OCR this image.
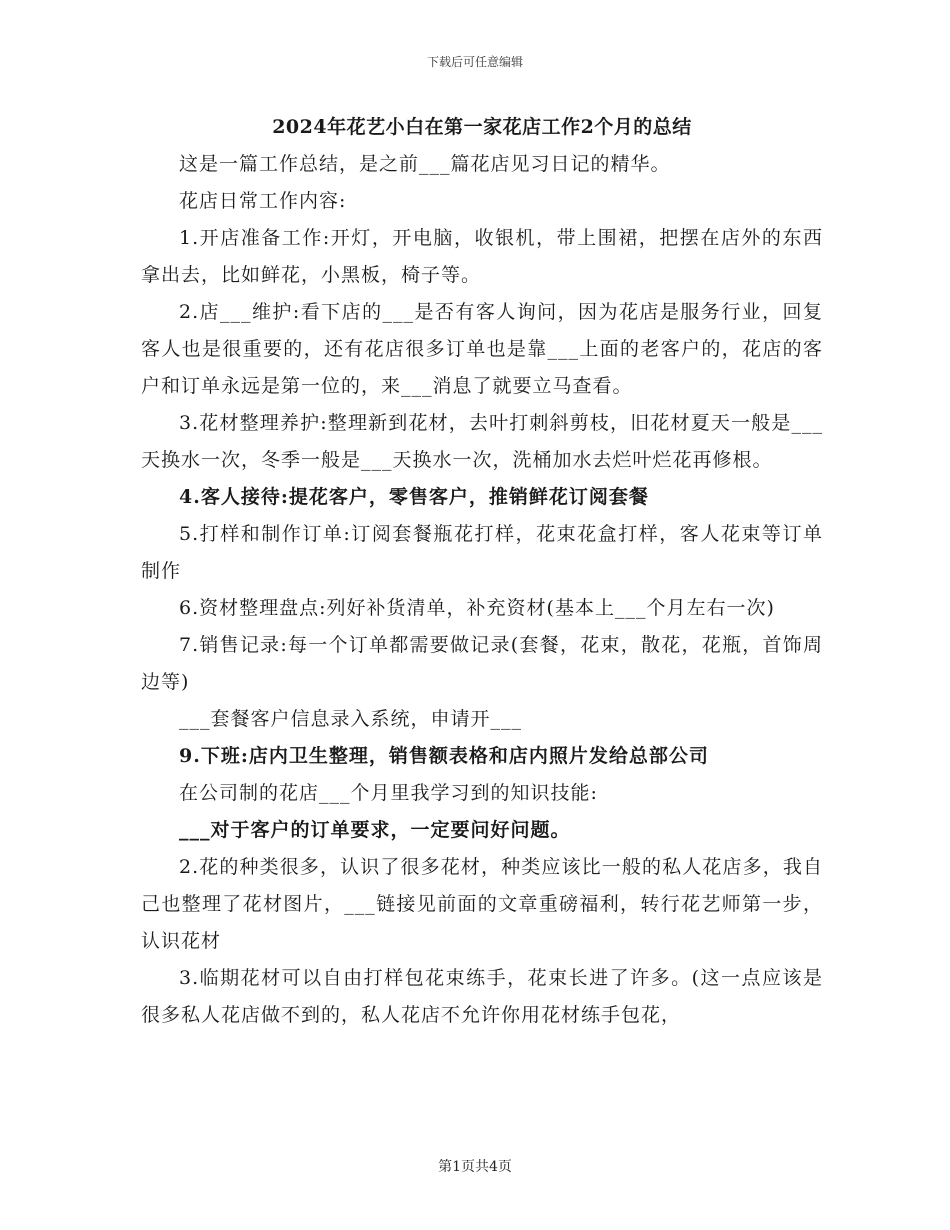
下载后可任意编辑
2024年花艺小白在第一家花店工作2个月的总结

这是一篇工作总结，是之前___篇花店见习日记的精华。

花店日常工作内容:

1.开店准备工作:开灯，开电脑，收银机，带上围裙，把摆在店外的东西拿出去，比如鲜花，小黑板，椅子等。

2.店___维护:看下店的___是否有客人询问，因为花店是服务行业，回复客人也是很重要的，还有花店很多订单也是靠___上面的老客户的，花店的客户和订单永远是第一位的，来___消息了就要立马查看。

3.花材整理养护:整理新到花材，去叶打刺斜剪枝，旧花材夏天一般是___天换水一次，冬季一般是___天换水一次，洗桶加水去烂叶烂花再修根。

4.客人接待:提花客户，零售客户，推销鲜花订阅套餐

5.打样和制作订单:订阅套餐瓶花打样，花束花盒打样，客人花束等订单制作

6.资材整理盘点:列好补货清单，补充资材(基本上___个月左右一次)

7.销售记录:每一个订单都需要做记录(套餐，花束，散花，花瓶，首饰周边等)

___套餐客户信息录入系统，申请开___

9.下班:店内卫生整理，销售额表格和店内照片发给总部公司

在公司制的花店___个月里我学习到的知识技能:

___对于客户的订单要求，一定要问好问题。

2.花的种类很多，认识了很多花材，种类应该比一般的私人花店多，我自己也整理了花材图片，___链接见前面的文章重磅福利，转行花艺师第一步，认识花材

3.临期花材可以自由打样包花束练手，花束长进了许多。(这一点应该是很多私人花店做不到的，私人花店不允许你用花材练手包花，

第1页共4页
